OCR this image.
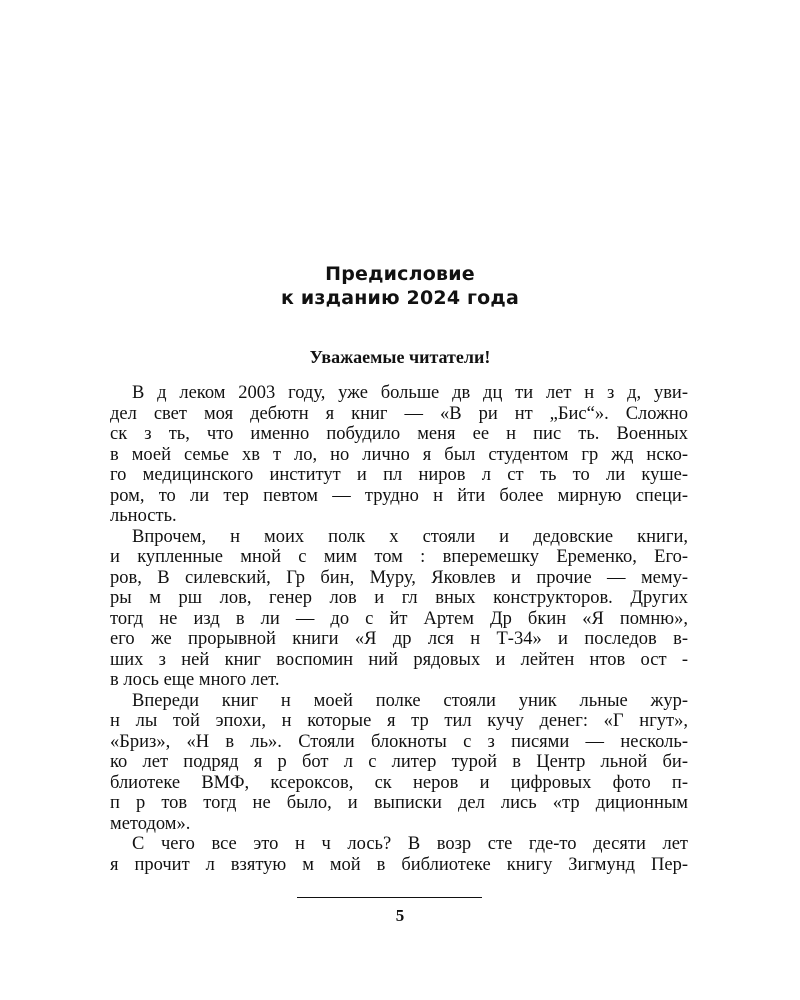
Предисловие
к изданию 2024 года
Уважаемые читатели!
В д леком 2003 году, уже больше дв дц ти лет н з д, уви-
дел свет моя дебютн я книг — «В ри нт „Бис“». Сложно
ск з ть, что именно побудило меня ее н пис ть. Военных
в моей семье хв т ло, но лично я был студентом гр жд нско-
го медицинского институт и пл ниров л ст ть то ли кушe-
ром, то ли тер певтом — трудно н йти более мирную специ-
льность.
Впрочем, н моих полк х стояли и дедовские книги,
и купленные мной с мим том : вперемешку Еременко, Его-
ров, В силевский, Гр бин, Муру, Яковлев и прочие — мему-
ры м рш лов, генер лов и гл вных конструкторов. Других
тогд не изд в ли — до с йт Артем Др бкин «Я помню»,
его же прорывной книги «Я др лся н Т-34» и последов в-
ших з ней книг воспомин ний рядовых и лейтен нтов ост -
в лось еще много лет.
Впереди книг н моей полке стояли уник льные жур-
н лы той эпохи, н которые я тр тил кучу денег: «Г нгут»,
«Бриз», «Н в ль». Стояли блокноты с з писями — несколь-
ко лет подряд я р бот л с литер турой в Центр льной би-
блиотеке ВМФ, ксероксов, ск неров и цифровых фото п-
п р тов тогд не было, и выписки дел лись «тр диционным
методом».
С чего все это н ч лось? В возр сте где-то десяти лет
я прочит л взятую м мой в библиотеке книгу Зигмунд Пер-
5
